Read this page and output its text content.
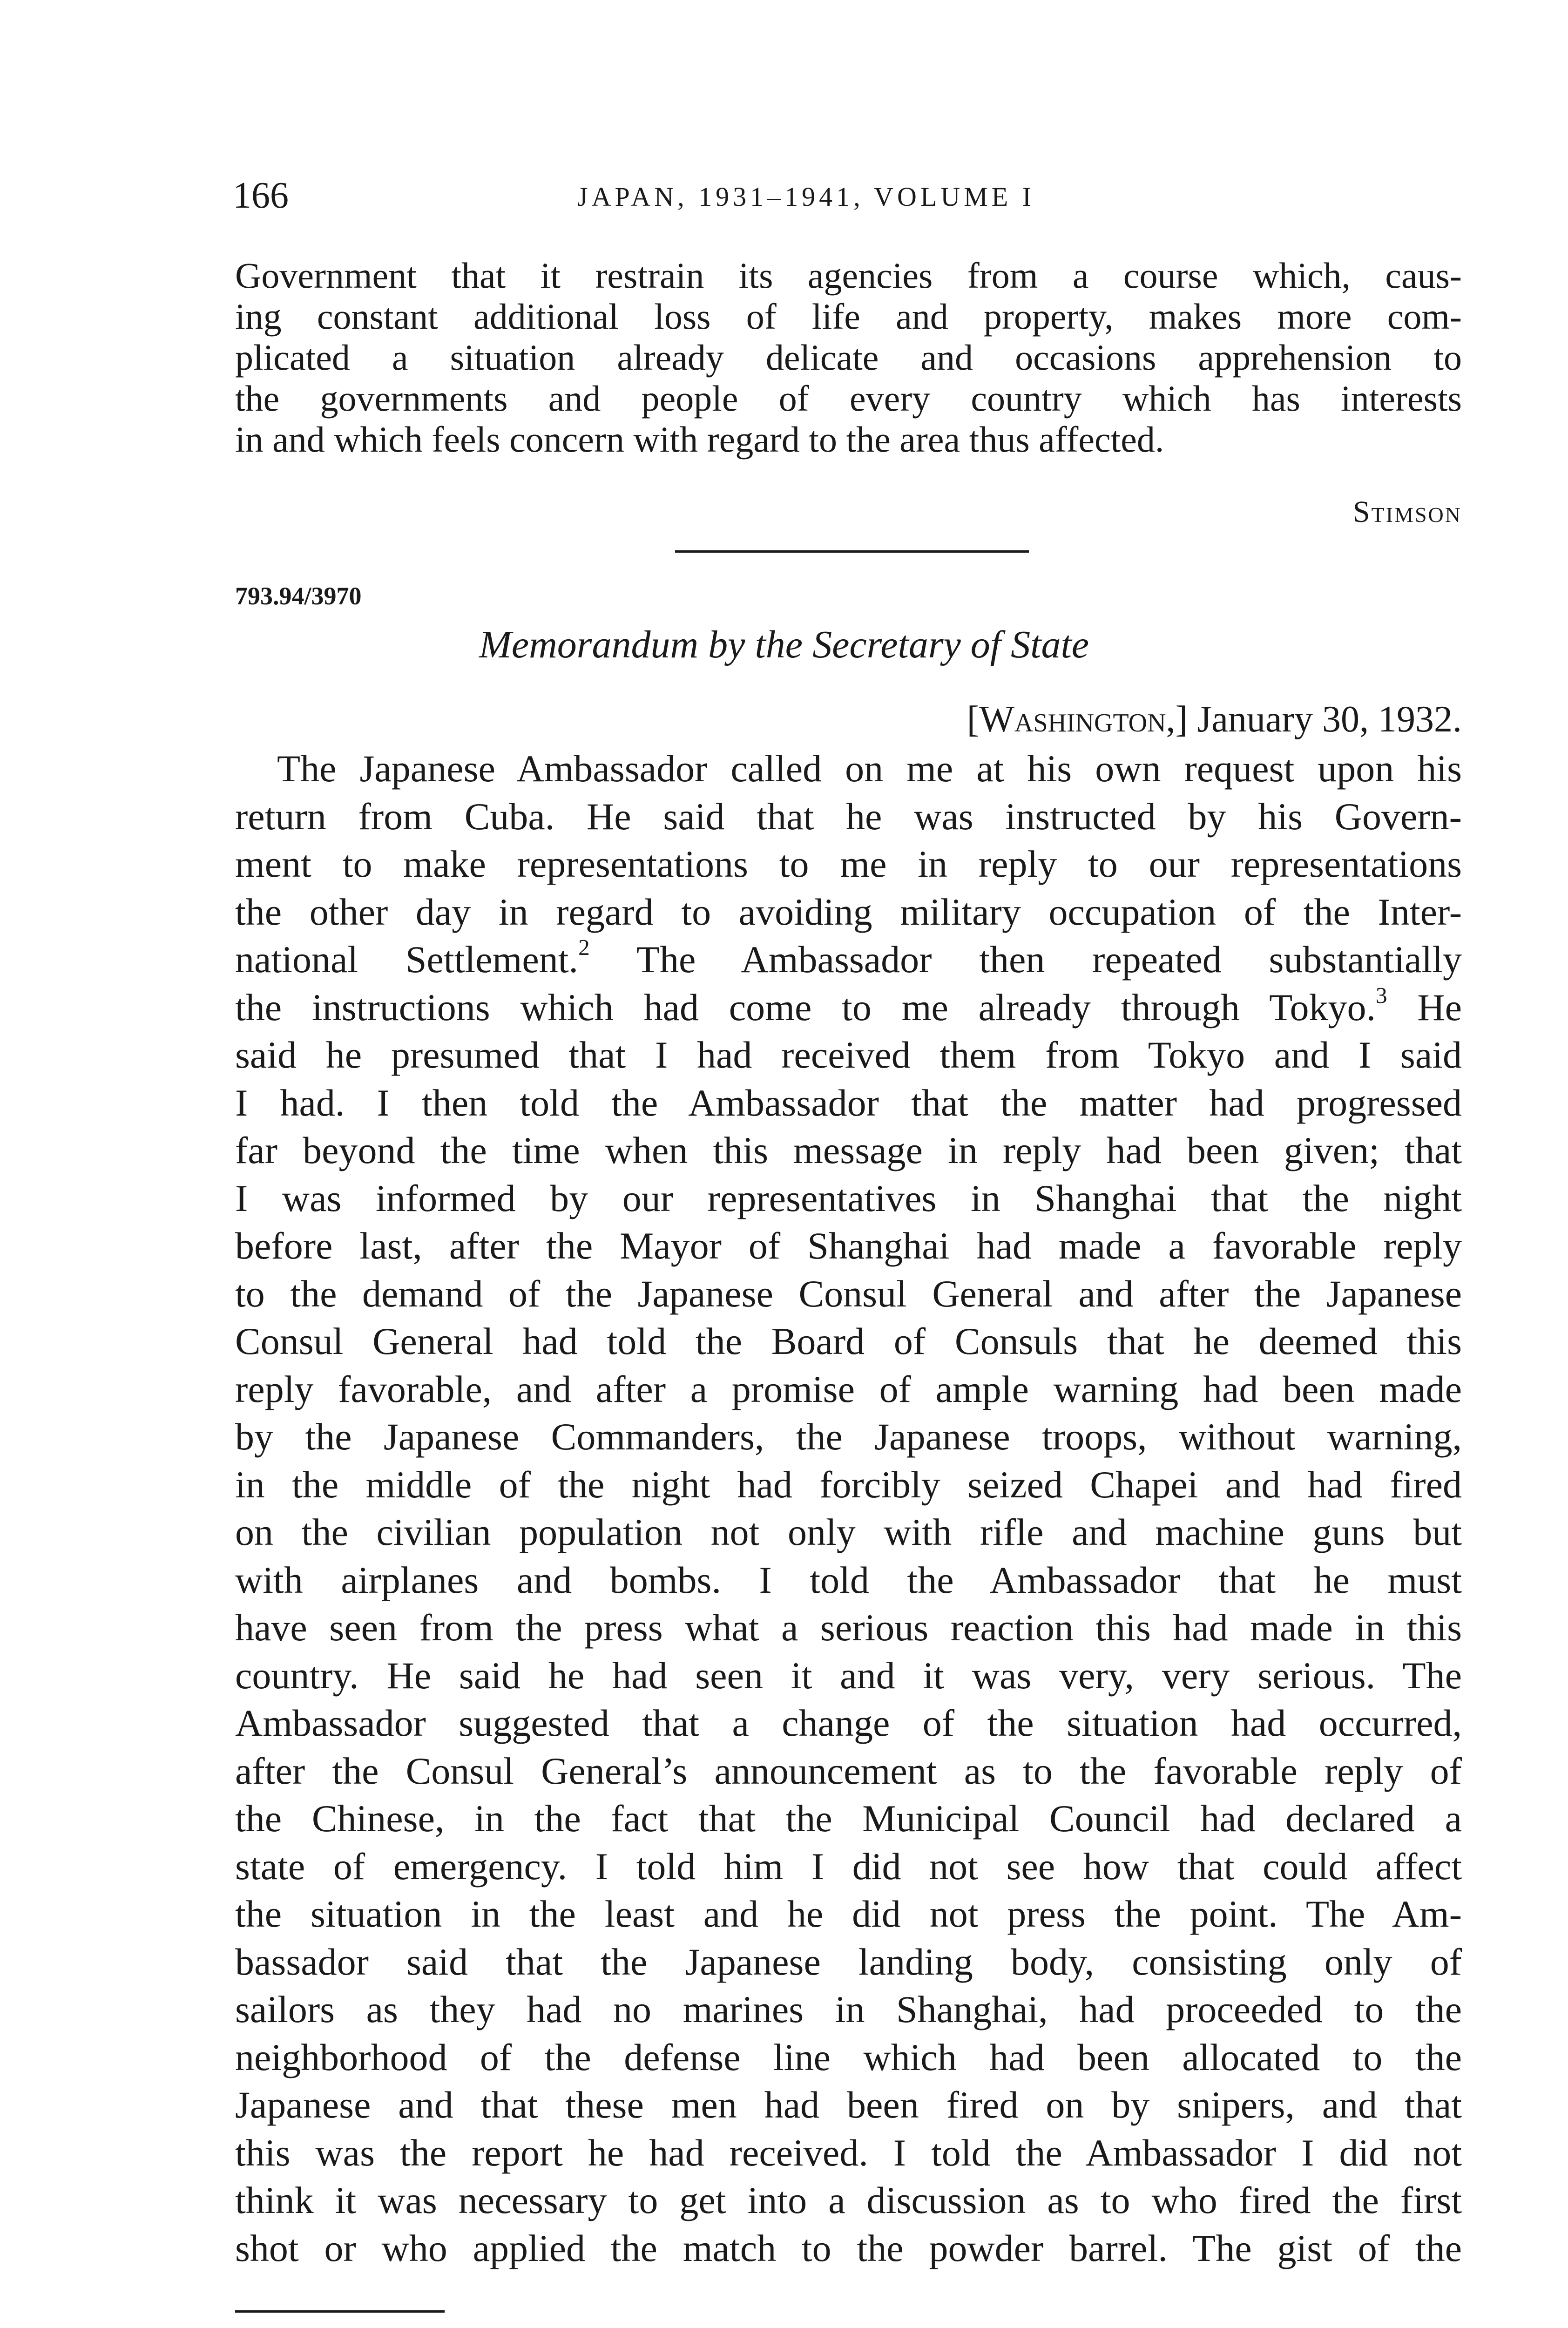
166	JAPAN, 1931–1941, VOLUME I
Government that it restrain its agencies from a course which, caus-
ing constant additional loss of life and property, makes more com-
plicated a situation already delicate and occasions apprehension to
the governments and people of every country which has interests
in and which feels concern with regard to the area thus affected.
Stimson
793.94/3970
Memorandum by the Secretary of State
[Washington,] January 30, 1932.
The Japanese Ambassador called on me at his own request upon his
return from Cuba. He said that he was instructed by his Govern-
ment to make representations to me in reply to our representations
the other day in regard to avoiding military occupation of the Inter-
national Settlement.$^2$ The Ambassador then repeated substantially
the instructions which had come to me already through Tokyo.$^3$ He
said he presumed that I had received them from Tokyo and I said
I had. I then told the Ambassador that the matter had progressed
far beyond the time when this message in reply had been given; that
I was informed by our representatives in Shanghai that the night
before last, after the Mayor of Shanghai had made a favorable reply
to the demand of the Japanese Consul General and after the Japanese
Consul General had told the Board of Consuls that he deemed this
reply favorable, and after a promise of ample warning had been made
by the Japanese Commanders, the Japanese troops, without warning,
in the middle of the night had forcibly seized Chapei and had fired
on the civilian population not only with rifle and machine guns but
with airplanes and bombs. I told the Ambassador that he must
have seen from the press what a serious reaction this had made in this
country. He said he had seen it and it was very, very serious. The
Ambassador suggested that a change of the situation had occurred,
after the Consul General’s announcement as to the favorable reply of
the Chinese, in the fact that the Municipal Council had declared a
state of emergency. I told him I did not see how that could affect
the situation in the least and he did not press the point. The Am-
bassador said that the Japanese landing body, consisting only of
sailors as they had no marines in Shanghai, had proceeded to the
neighborhood of the defense line which had been allocated to the
Japanese and that these men had been fired on by snipers, and that
this was the report he had received. I told the Ambassador I did not
think it was necessary to get into a discussion as to who fired the first
shot or who applied the match to the powder barrel. The gist of the
